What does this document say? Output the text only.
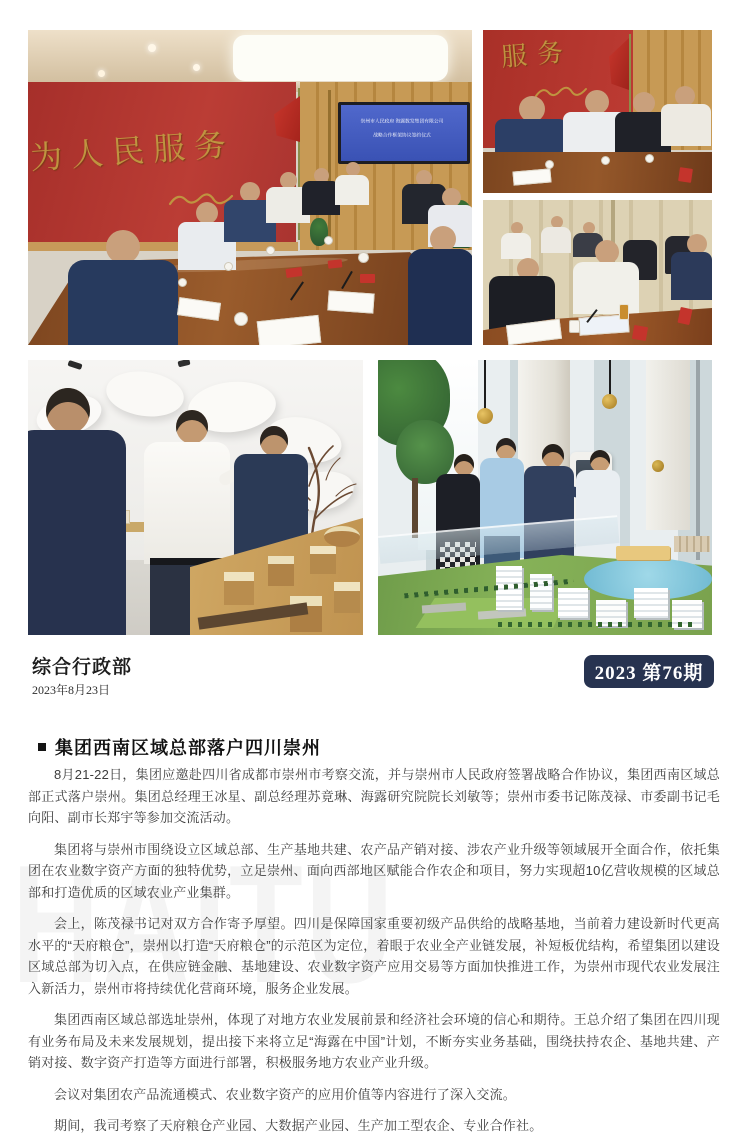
为人民服务
崇州市人民政府 海露数发集团有限公司
战略合作框架协议签约仪式
服务
综合行政部
2023年8月23日
2023 第76期
集团西南区域总部落户四川崇州

8月21-22日，集团应邀赴四川省成都市崇州市考察交流，并与崇州市人民政府签署战略合作协议，集团西南区域总部正式落户崇州。集团总经理王冰星、副总经理苏竟琳、海露研究院院长刘敏等；崇州市委书记陈茂禄、市委副书记毛向阳、副市长郑宇等参加交流活动。

集团将与崇州市围绕设立区域总部、生产基地共建、农产品产销对接、涉农产业升级等领域展开全面合作，依托集团在农业数字资产方面的独特优势，立足崇州、面向西部地区赋能合作农企和项目，努力实现超10亿营收规模的区域总部和打造优质的区域农业产业集群。

会上，陈茂禄书记对双方合作寄予厚望。四川是保障国家重要初级产品供给的战略基地，当前着力建设新时代更高水平的“天府粮仓”，崇州以打造“天府粮仓”的示范区为定位，着眼于农业全产业链发展，补短板优结构，希望集团以建设区域总部为切入点，在供应链金融、基地建设、农业数字资产应用交易等方面加快推进工作，为崇州市现代农业发展注入新活力，崇州市将持续优化营商环境，服务企业发展。

集团西南区域总部选址崇州，体现了对地方农业发展前景和经济社会环境的信心和期待。王总介绍了集团在四川现有业务布局及未来发展规划，提出接下来将立足“海露在中国”计划，不断夯实业务基础，围绕扶持农企、基地共建、产销对接、数字资产打造等方面进行部署，积极服务地方农业产业升级。

会议对集团农产品流通模式、农业数字资产的应用价值等内容进行了深入交流。

期间，我司考察了天府粮仓产业园、大数据产业园、生产加工型农企、专业合作社。
